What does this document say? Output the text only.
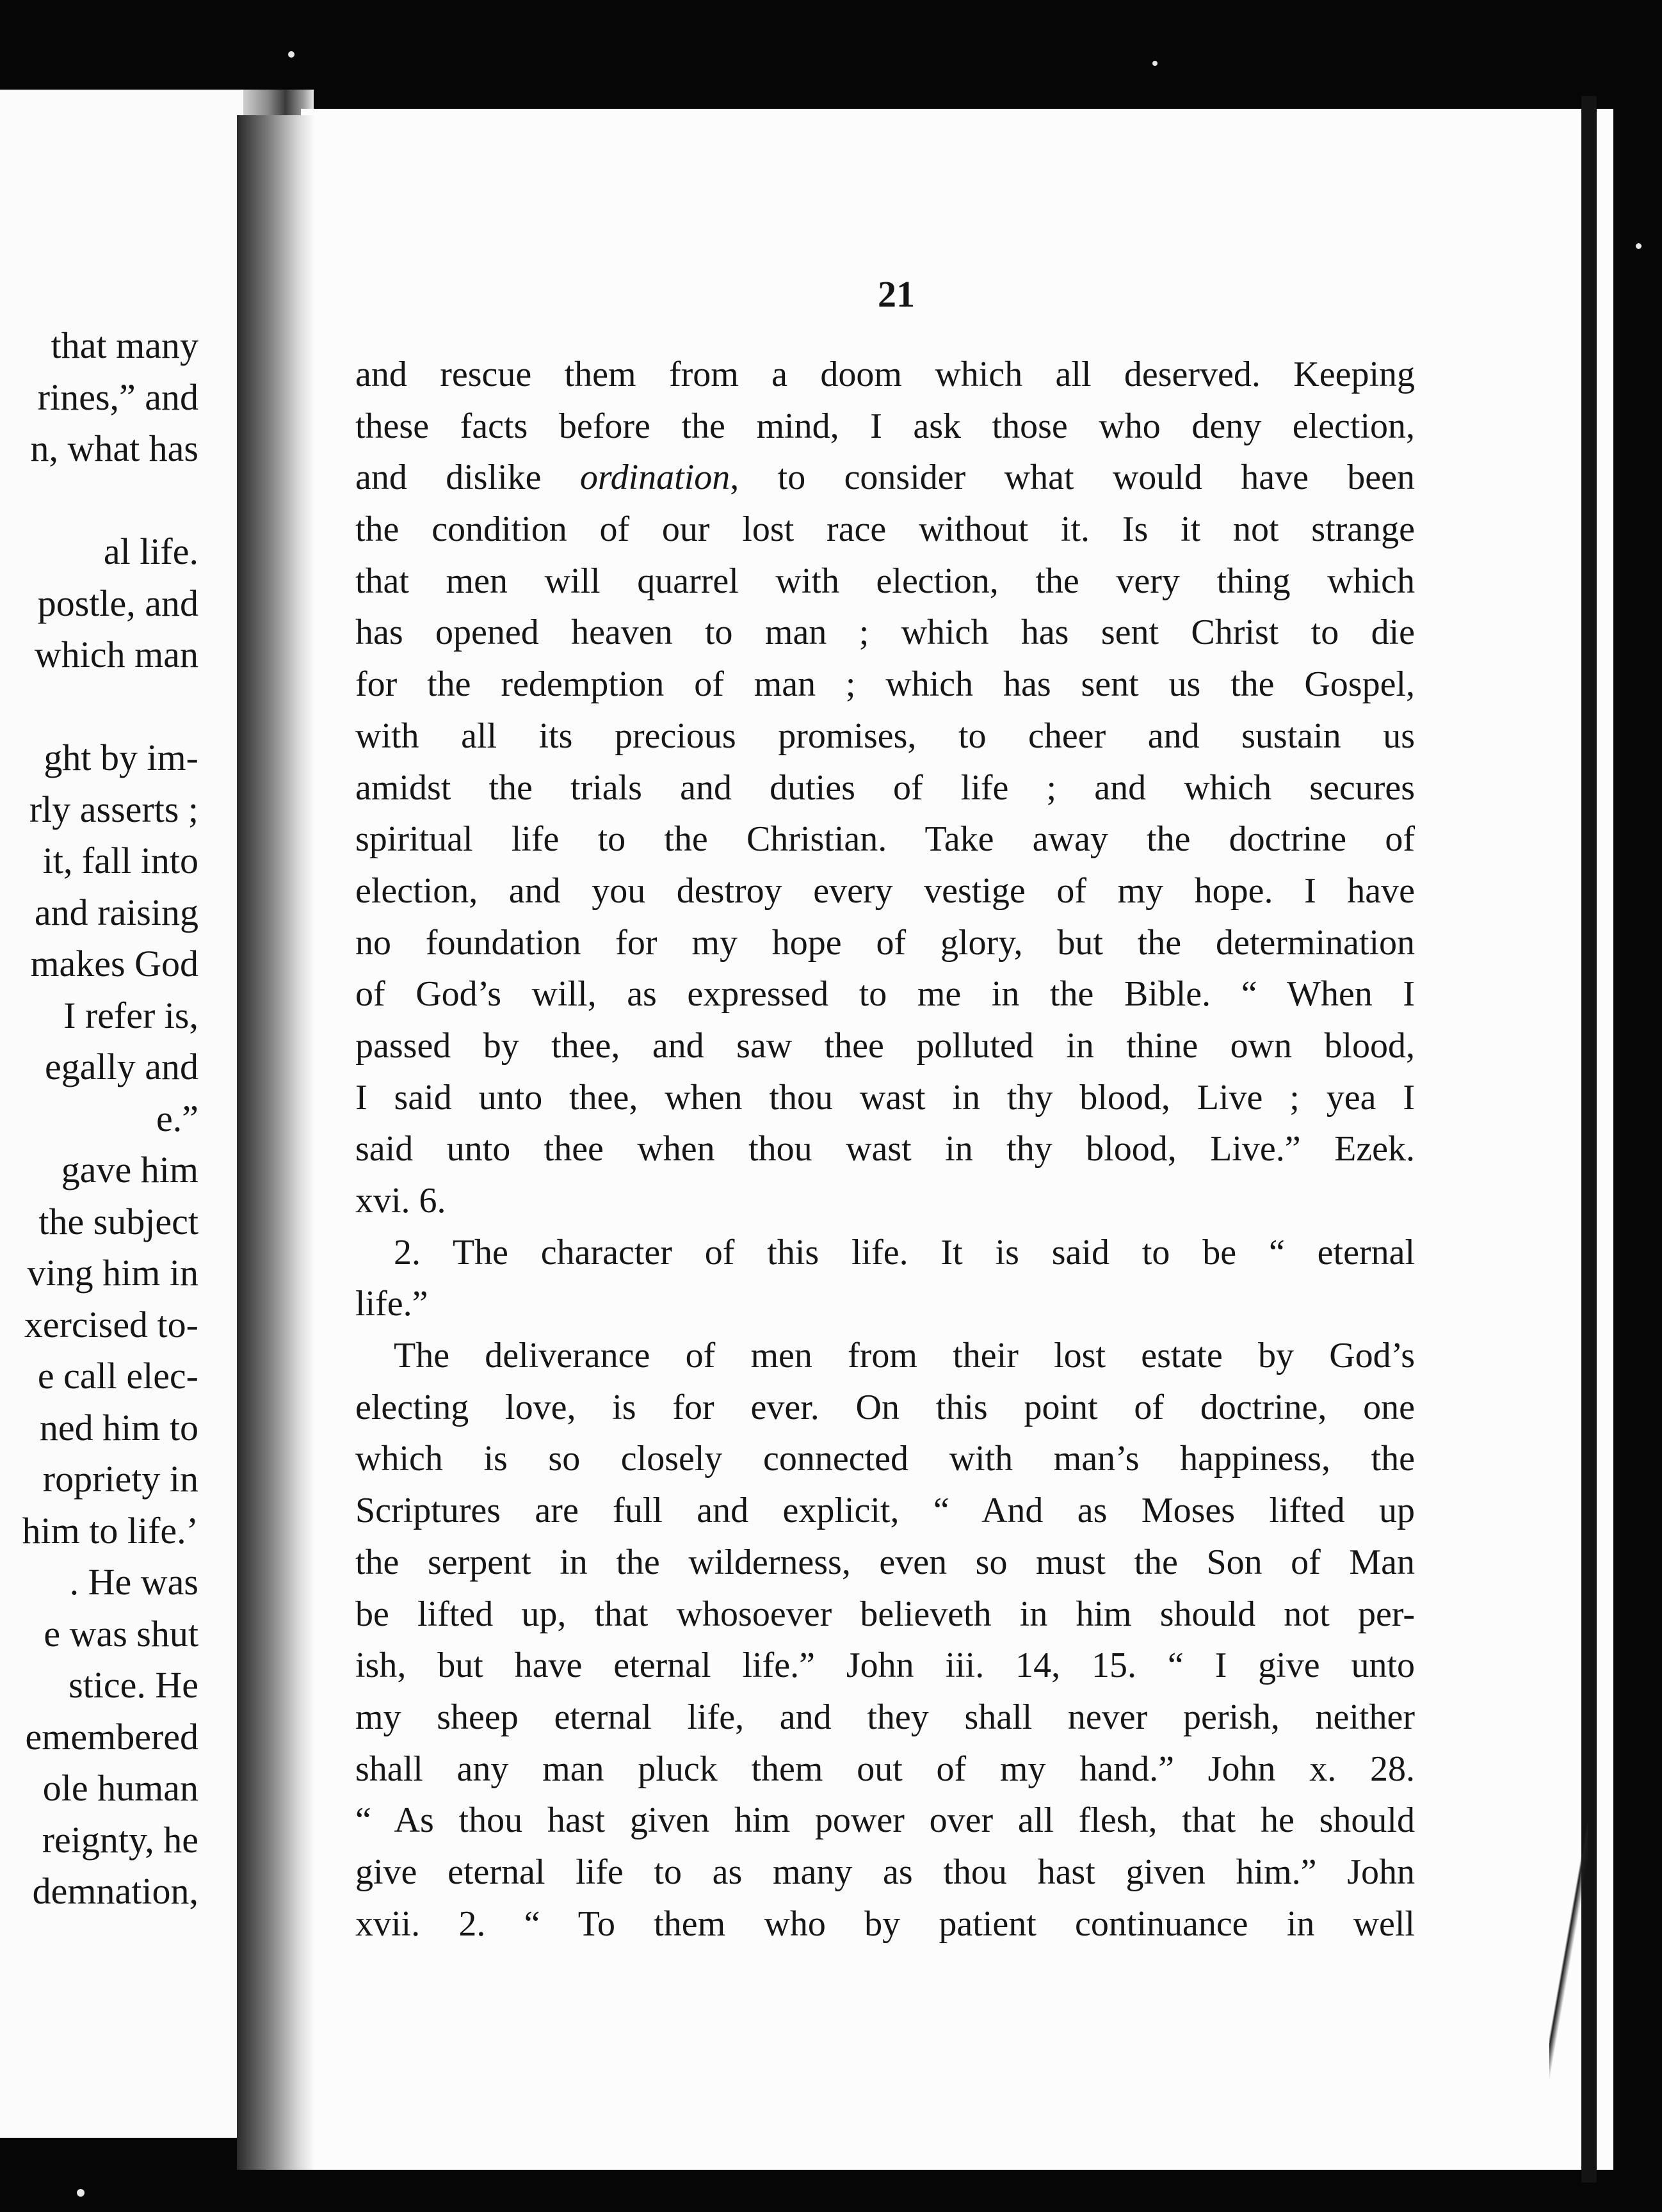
that many
rines,” and
n, what has
al life.
postle, and
which man
ght by im-
rly asserts ;
it, fall into
and raising
makes God
I refer is,
egally and
e.”
gave him
the subject
ving him in
xercised to-
e call elec-
ned him to
ropriety in
him to life.’
. He was
e was shut
stice. He
emembered
ole human
reignty, he
demnation,
21
and rescue them from a doom which all deserved. Keeping
these facts before the mind, I ask those who deny election,
and dislike ordination, to consider what would have been
the condition of our lost race without it. Is it not strange
that men will quarrel with election, the very thing which
has opened heaven to man ; which has sent Christ to die
for the redemption of man ; which has sent us the Gospel,
with all its precious promises, to cheer and sustain us
amidst the trials and duties of life ; and which secures
spiritual life to the Christian. Take away the doctrine of
election, and you destroy every vestige of my hope. I have
no foundation for my hope of glory, but the determination
of God’s will, as expressed to me in the Bible. “ When I
passed by thee, and saw thee polluted in thine own blood,
I said unto thee, when thou wast in thy blood, Live ; yea I
said unto thee when thou wast in thy blood, Live.” Ezek.
xvi. 6.
2. The character of this life. It is said to be “ eternal
life.”
The deliverance of men from their lost estate by God’s
electing love, is for ever. On this point of doctrine, one
which is so closely connected with man’s happiness, the
Scriptures are full and explicit, “ And as Moses lifted up
the serpent in the wilderness, even so must the Son of Man
be lifted up, that whosoever believeth in him should not per-
ish, but have eternal life.” John iii. 14, 15. “ I give unto
my sheep eternal life, and they shall never perish, neither
shall any man pluck them out of my hand.” John x. 28.
“ As thou hast given him power over all flesh, that he should
give eternal life to as many as thou hast given him.” John
xvii. 2. “ To them who by patient continuance in well
